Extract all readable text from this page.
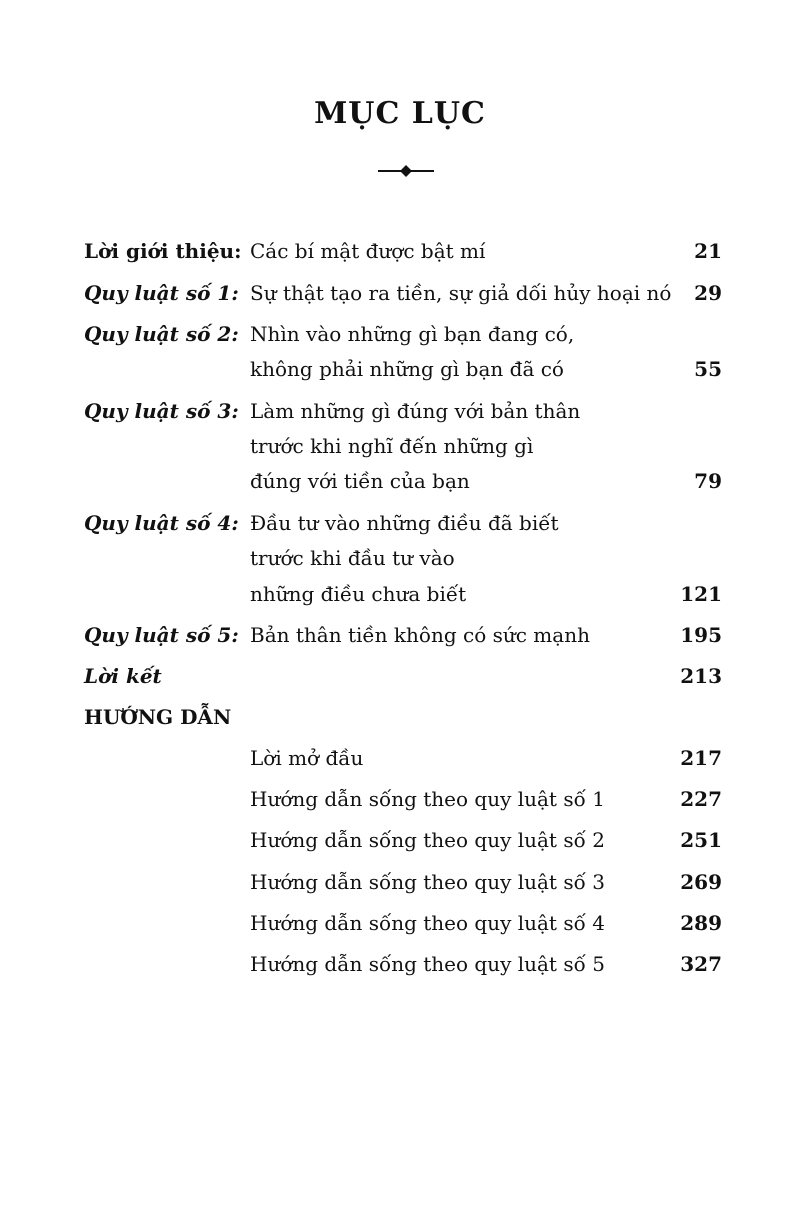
MỤC LỤC
Lời giới thiệu: Các bí mật được bật mí	21
Quy luật số 1: Sự thật tạo ra tiền, sự giả dối hủy hoại nó 29
Quy luật số 2: Nhìn vào những gì bạn đang có,
không phải những gì bạn đã có	55
Quy luật số 3: Làm những gì đúng với bản thân
trước khi nghĩ đến những gì
đúng với tiền của bạn	79
Quy luật số 4: Đầu tư vào những điều đã biết
trước khi đầu tư vào
những điều chưa biết	121
Quy luật số 5: Bản thân tiền không có sức mạnh	195
Lời kết	213
HƯỚNG DẪN
Lời mở đầu	217
Hướng dẫn sống theo quy luật số 1	227
Hướng dẫn sống theo quy luật số 2	251
Hướng dẫn sống theo quy luật số 3	269
Hướng dẫn sống theo quy luật số 4	289
Hướng dẫn sống theo quy luật số 5	327
